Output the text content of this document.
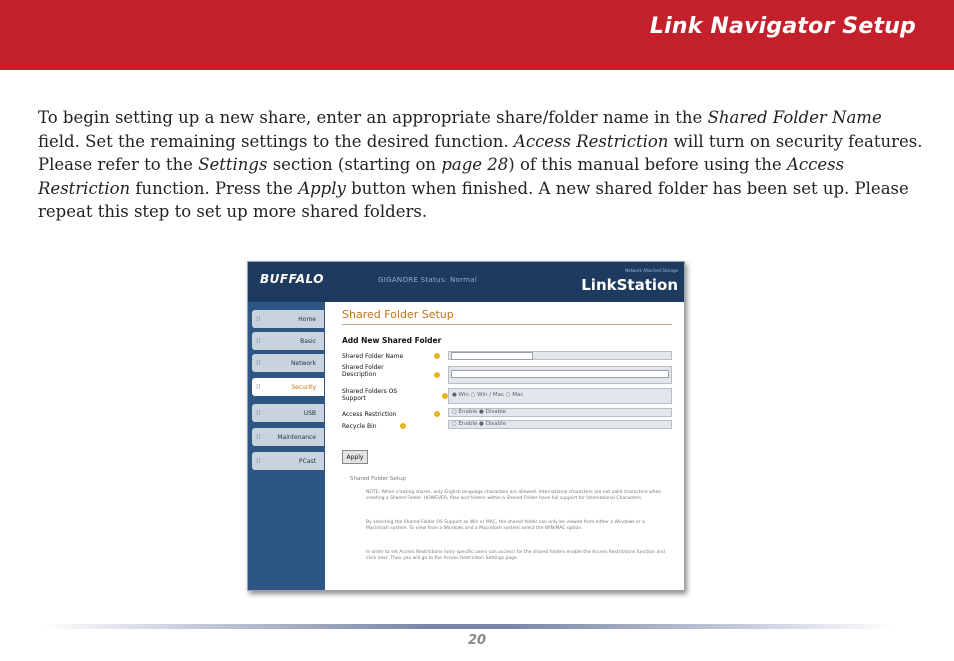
Link Navigator Setup

To begin setting up a new share, enter an appropriate share/folder name in the Shared Folder Name field. Set the remaining settings to the desired function. Access Restriction will turn on security features. Please refer to the Settings section (starting on page 28) of this manual before using the Access Restriction function. Press the Apply button when finished. A new shared folder has been set up. Please repeat this step to set up more shared folders.

BUFFALO	GIGANORE Status: Normal
Network Attached Storage
LinkStation
⁞⁞	Home
⁞⁞	Basic
⁞⁞	Network
⁞⁞	Security
⁞⁞	USB
⁞⁞	Maintenance
⁞⁞	PCast
Shared Folder Setup
Add New Shared Folder
Shared Folder Name
Shared Folder Description
Shared Folders OS Support	● Win ○ Win / Mac ○ Mac
Access Restriction	○ Enable ● Disable
Recycle Bin	○ Enable ● Disable
Apply
Shared Folder Setup
NOTE: When creating shares, only English language characters are allowed. International characters are not valid characters when creating a Shared Folder. HOWEVER, files and folders within a Shared Folder have full support for International Characters.
By selecting the Shared Folder OS Support as Win or MAC, the shared folder can only be viewed from either a Windows or a Macintosh system. To view from a Windows and a Macintosh system select the WIN/MAC option.
In order to set Access Restrictions (only specific users can access) for the shared folders enable the Access Restrictions function and click next. Then you will go to the Access Restriction Settings page.
20
